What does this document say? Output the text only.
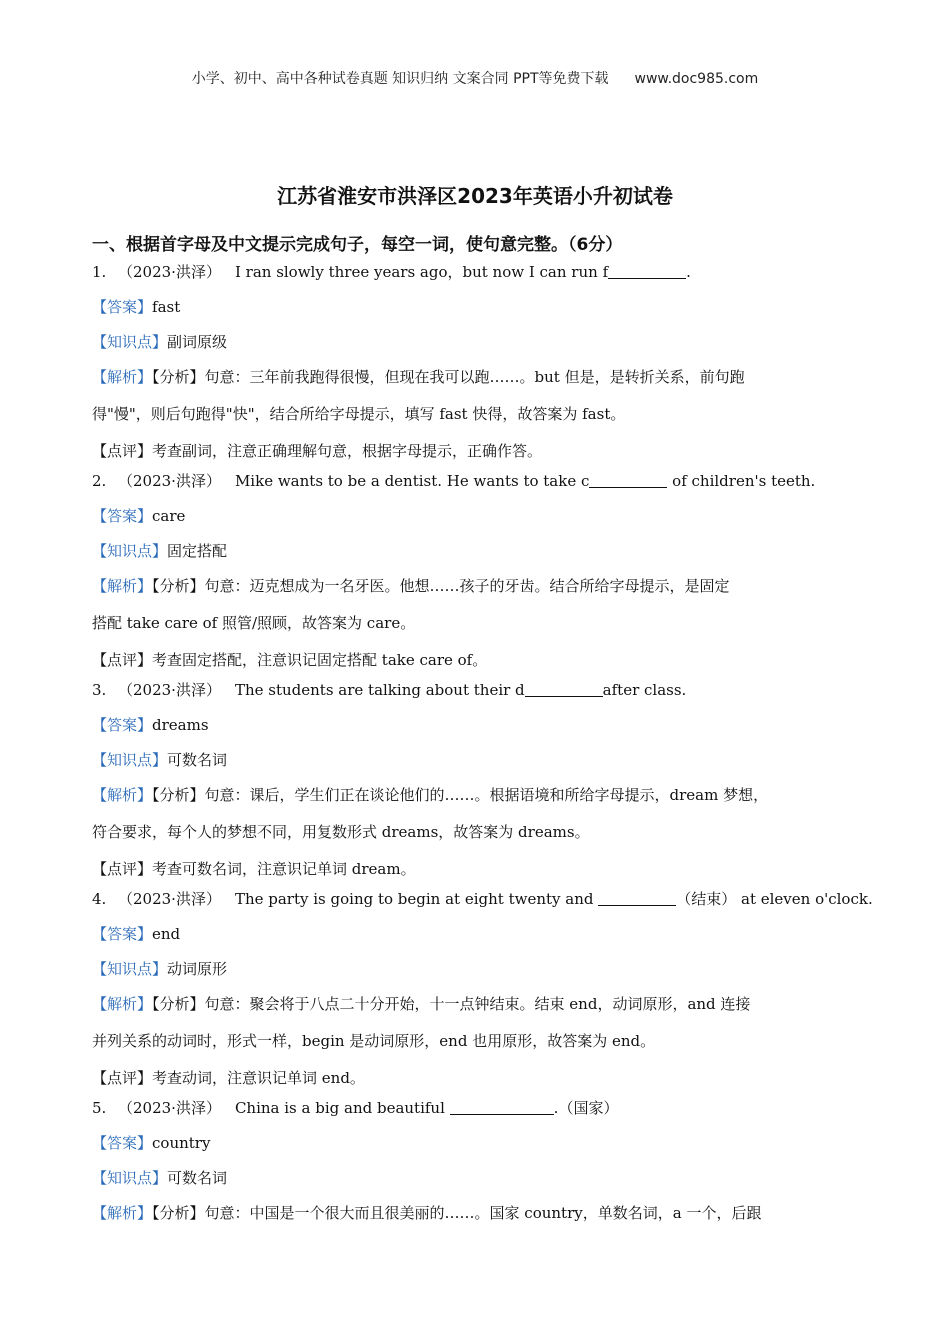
小学、初中、高中各种试卷真题 知识归纳 文案合同 PPT等免费下载 www.doc985.com
江苏省淮安市洪泽区2023年英语小升初试卷
一、根据首字母及中文提示完成句子，每空一词，使句意完整。（6分）

1. （2023·洪泽） I ran slowly three years ago，but now I can run f	.

【答案】fast

【知识点】副词原级

【解析】【分析】句意：三年前我跑得很慢，但现在我可以跑……。but 但是，是转折关系，前句跑
得"慢"，则后句跑得"快"，结合所给字母提示，填写 fast 快得，故答案为 fast。

【点评】考查副词，注意正确理解句意，根据字母提示，正确作答。

2. （2023·洪泽） Mike wants to be a dentist. He wants to take c	of children's teeth.

【答案】care

【知识点】固定搭配

【解析】【分析】句意：迈克想成为一名牙医。他想……孩子的牙齿。结合所给字母提示，是固定
搭配 take care of 照管/照顾，故答案为 care。

【点评】考查固定搭配，注意识记固定搭配 take care of。

3. （2023·洪泽） The students are talking about their d	after class.

【答案】dreams

【知识点】可数名词

【解析】【分析】句意：课后，学生们正在谈论他们的……。根据语境和所给字母提示，dream 梦想，
符合要求，每个人的梦想不同，用复数形式 dreams，故答案为 dreams。

【点评】考查可数名词，注意识记单词 dream。

4. （2023·洪泽） The party is going to begin at eight twenty and	（结束） at eleven o'clock.

【答案】end

【知识点】动词原形

【解析】【分析】句意：聚会将于八点二十分开始，十一点钟结束。结束 end，动词原形，and 连接
并列关系的动词时，形式一样，begin 是动词原形，end 也用原形，故答案为 end。

【点评】考查动词，注意识记单词 end。

5. （2023·洪泽） China is a big and beautiful	.（国家）

【答案】country

【知识点】可数名词

【解析】【分析】句意：中国是一个很大而且很美丽的……。国家 country，单数名词，a 一个，后跟
